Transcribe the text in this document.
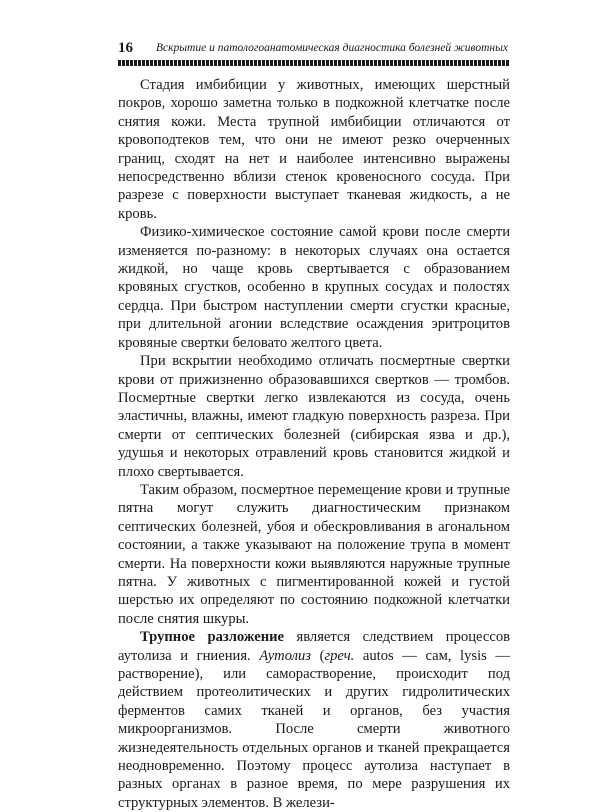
16 Вскрытие и патологоанатомическая диагностика болезней животных

Стадия имбибиции у животных, имеющих шерстный покров, хорошо заметна только в подкожной клетчатке после снятия кожи. Места трупной имбибиции отличаются от кровоподтеков тем, что они не имеют резко очерченных границ, сходят на нет и наиболее интенсивно выражены непосредственно вблизи стенок кровеносного сосуда. При разрезе с поверхности выступает тканевая жидкость, а не кровь.

Физико-химическое состояние самой крови после смерти изменяется по-разному: в некоторых случаях она остается жидкой, но чаще кровь свертывается с образованием кровяных сгустков, особенно в крупных сосудах и полостях сердца. При быстром наступлении смерти сгустки красные, при длительной агонии вследствие осаждения эритроцитов кровяные свертки беловато желтого цвета.

При вскрытии необходимо отличать посмертные свертки крови от прижизненно образовавшихся свертков — тромбов. Посмертные свертки легко извлекаются из сосуда, очень эластичны, влажны, имеют гладкую поверхность разреза. При смерти от септических болезней (сибирская язва и др.), удушья и некоторых отравлений кровь становится жидкой и плохо свертывается.

Таким образом, посмертное перемещение крови и трупные пятна могут служить диагностическим признаком септических болезней, убоя и обескровливания в агональном состоянии, а также указывают на положение трупа в момент смерти. На поверхности кожи выявляются наружные трупные пятна. У животных с пигментированной кожей и густой шерстью их определяют по состоянию подкожной клетчатки после снятия шкуры.

Трупное разложение является следствием процессов аутолиза и гниения. Аутолиз (греч. autos — сам, lysis — растворение), или саморастворение, происходит под действием протеолитических и других гидролитических ферментов самих тканей и органов, без участия микроорганизмов. После смерти животного жизнедеятельность отдельных органов и тканей прекращается неодновременно. Поэтому процесс аутолиза наступает в разных органах в разное время, по мере разрушения их структурных элементов. В желези-
